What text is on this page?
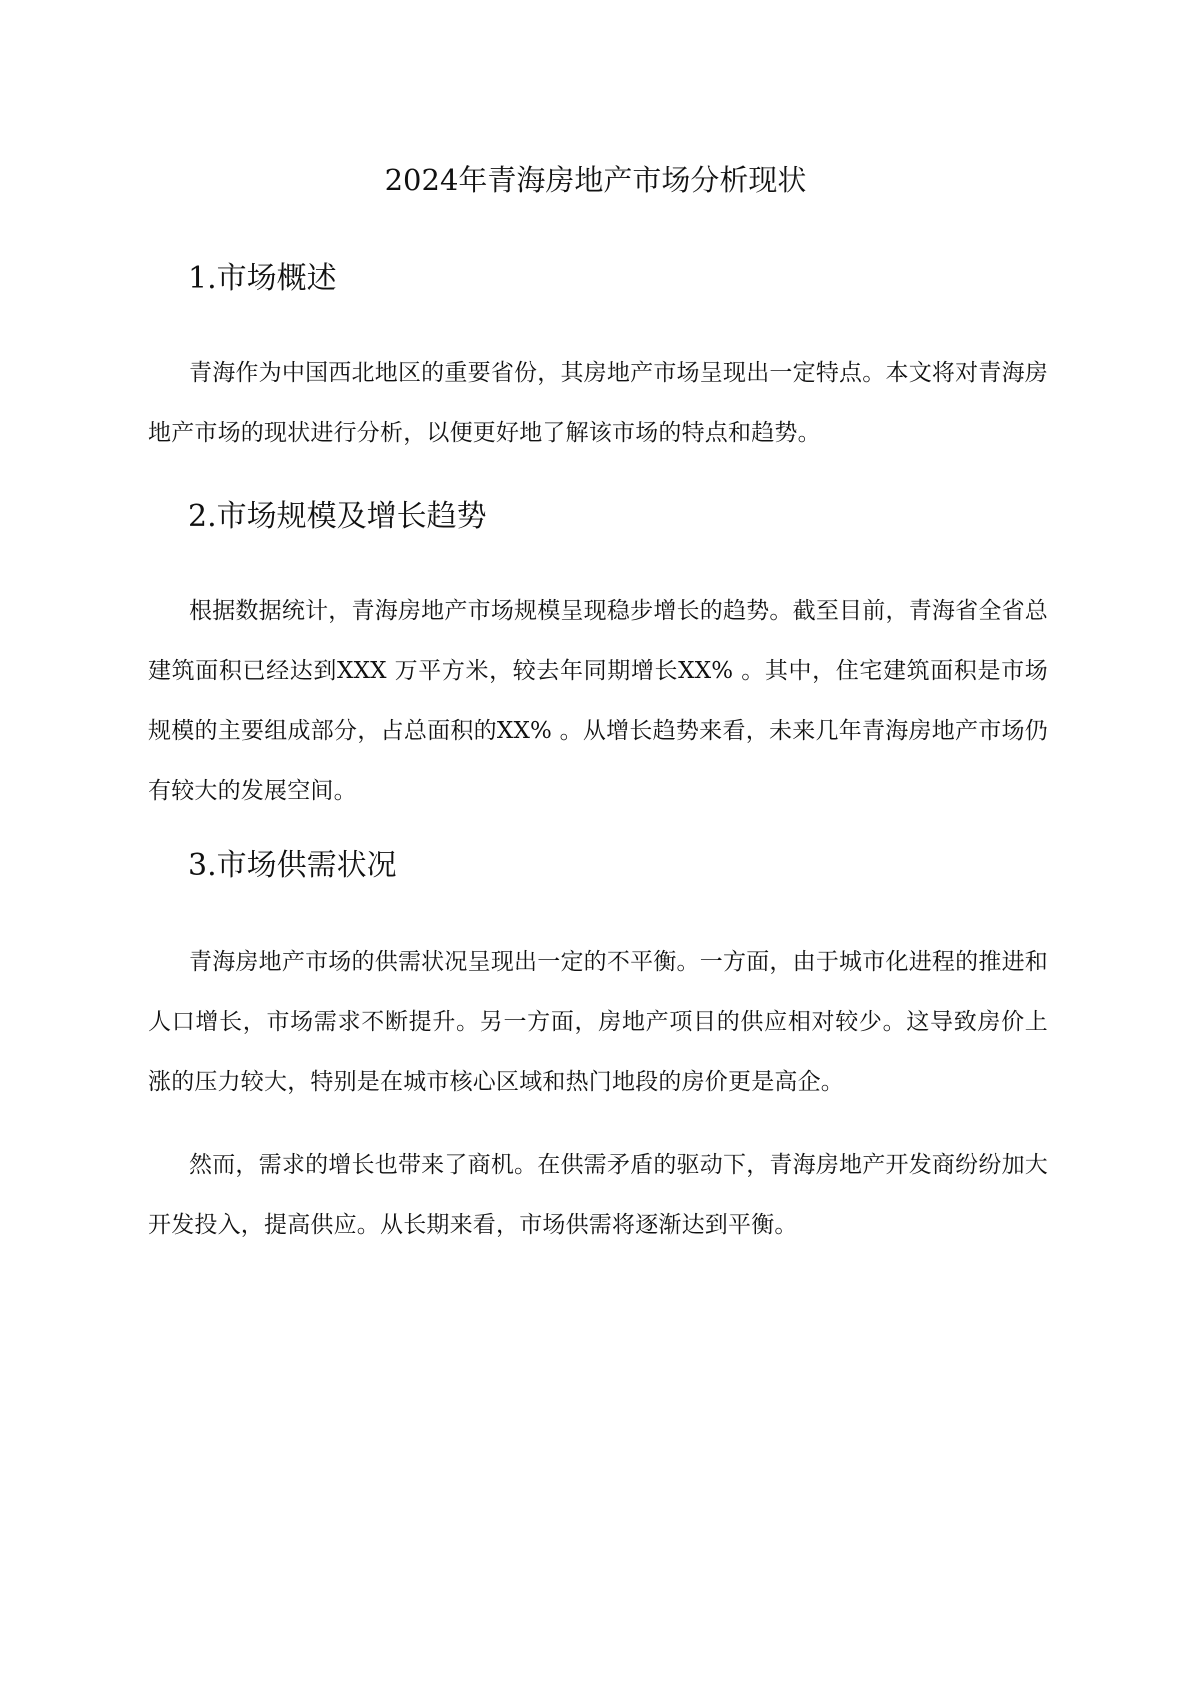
2024年青海房地产市场分析现状
1.市场概述

青海作为中国西北地区的重要省份，其房地产市场呈现出一定特点。本文将对青海房地产市场的现状进行分析，以便更好地了解该市场的特点和趋势。

2.市场规模及增长趋势

根据数据统计，青海房地产市场规模呈现稳步增长的趋势。截至目前，青海省全省总建筑面积已经达到XXX 万平方米，较去年同期增长XX% 。其中，住宅建筑面积是市场规模的主要组成部分，占总面积的XX% 。从增长趋势来看，未来几年青海房地产市场仍有较大的发展空间。

3.市场供需状况

青海房地产市场的供需状况呈现出一定的不平衡。一方面，由于城市化进程的推进和人口增长，市场需求不断提升。另一方面，房地产项目的供应相对较少。这导致房价上涨的压力较大，特别是在城市核心区域和热门地段的房价更是高企。

然而，需求的增长也带来了商机。在供需矛盾的驱动下，青海房地产开发商纷纷加大开发投入，提高供应。从长期来看，市场供需将逐渐达到平衡。
